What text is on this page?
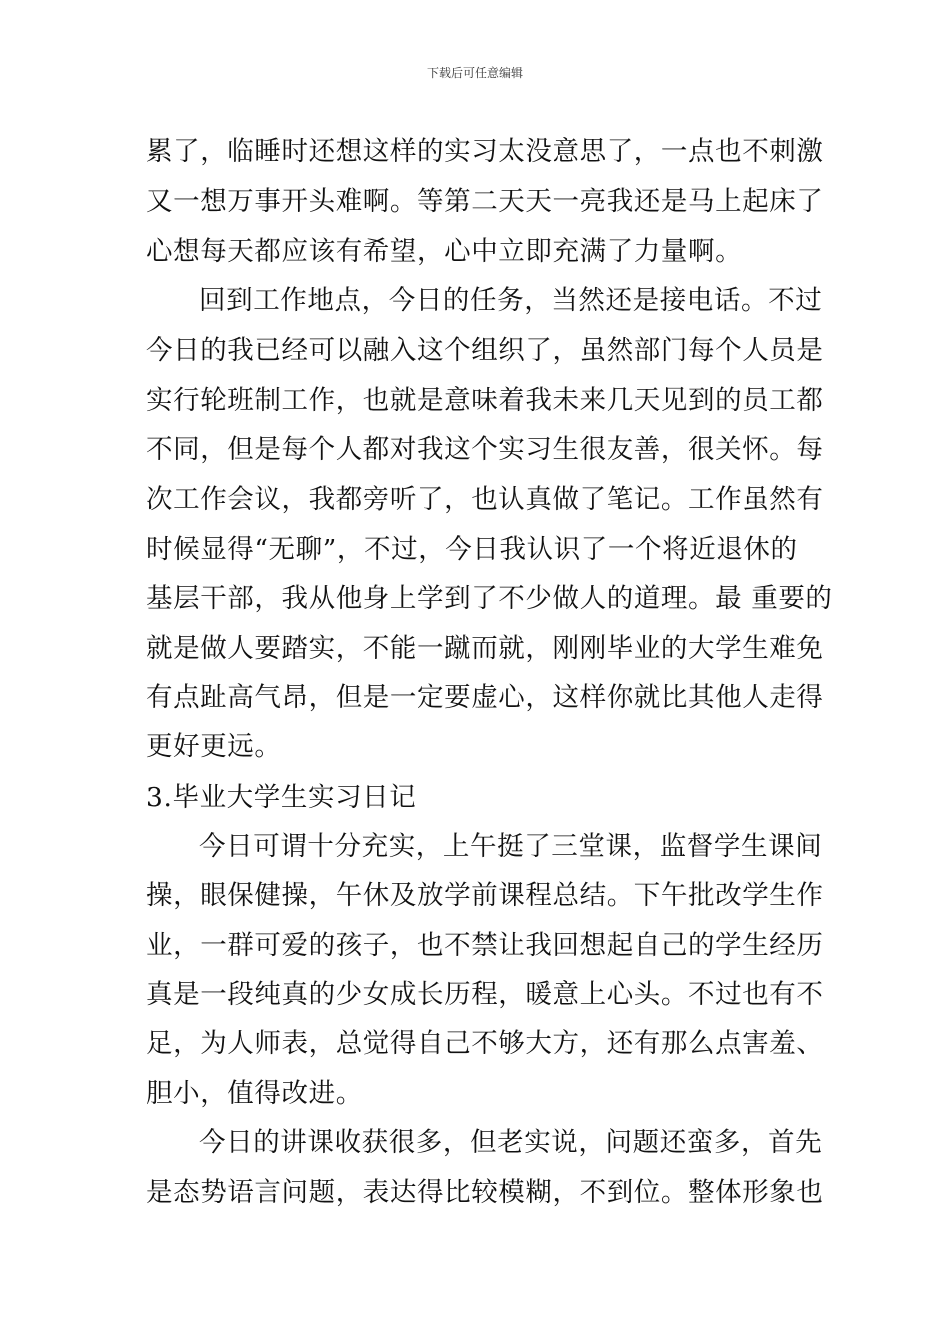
下载后可任意编辑
累了，临睡时还想这样的实习太没意思了，一点也不刺激
又一想万事开头难啊。等第二天天一亮我还是马上起床了
心想每天都应该有希望，心中立即充满了力量啊。
回到工作地点，今日的任务，当然还是接电话。不过
今日的我已经可以融入这个组织了，虽然部门每个人员是
实行轮班制工作，也就是意味着我未来几天见到的员工都
不同，但是每个人都对我这个实习生很友善，很关怀。每
次工作会议，我都旁听了，也认真做了笔记。工作虽然有
时候显得“无聊”，不过，今日我认识了一个将近退休的
基层干部，我从他身上学到了不少做人的道理。最 重要的
就是做人要踏实，不能一蹴而就，刚刚毕业的大学生难免
有点趾高气昂，但是一定要虚心，这样你就比其他人走得
更好更远。
3.毕业大学生实习日记
今日可谓十分充实，上午挺了三堂课，监督学生课间
操，眼保健操，午休及放学前课程总结。下午批改学生作
业，一群可爱的孩子，也不禁让我回想起自己的学生经历
真是一段纯真的少女成长历程，暖意上心头。不过也有不
足，为人师表，总觉得自己不够大方，还有那么点害羞、
胆小，值得改进。
今日的讲课收获很多，但老实说，问题还蛮多，首先
是态势语言问题，表达得比较模糊，不到位。整体形象也
